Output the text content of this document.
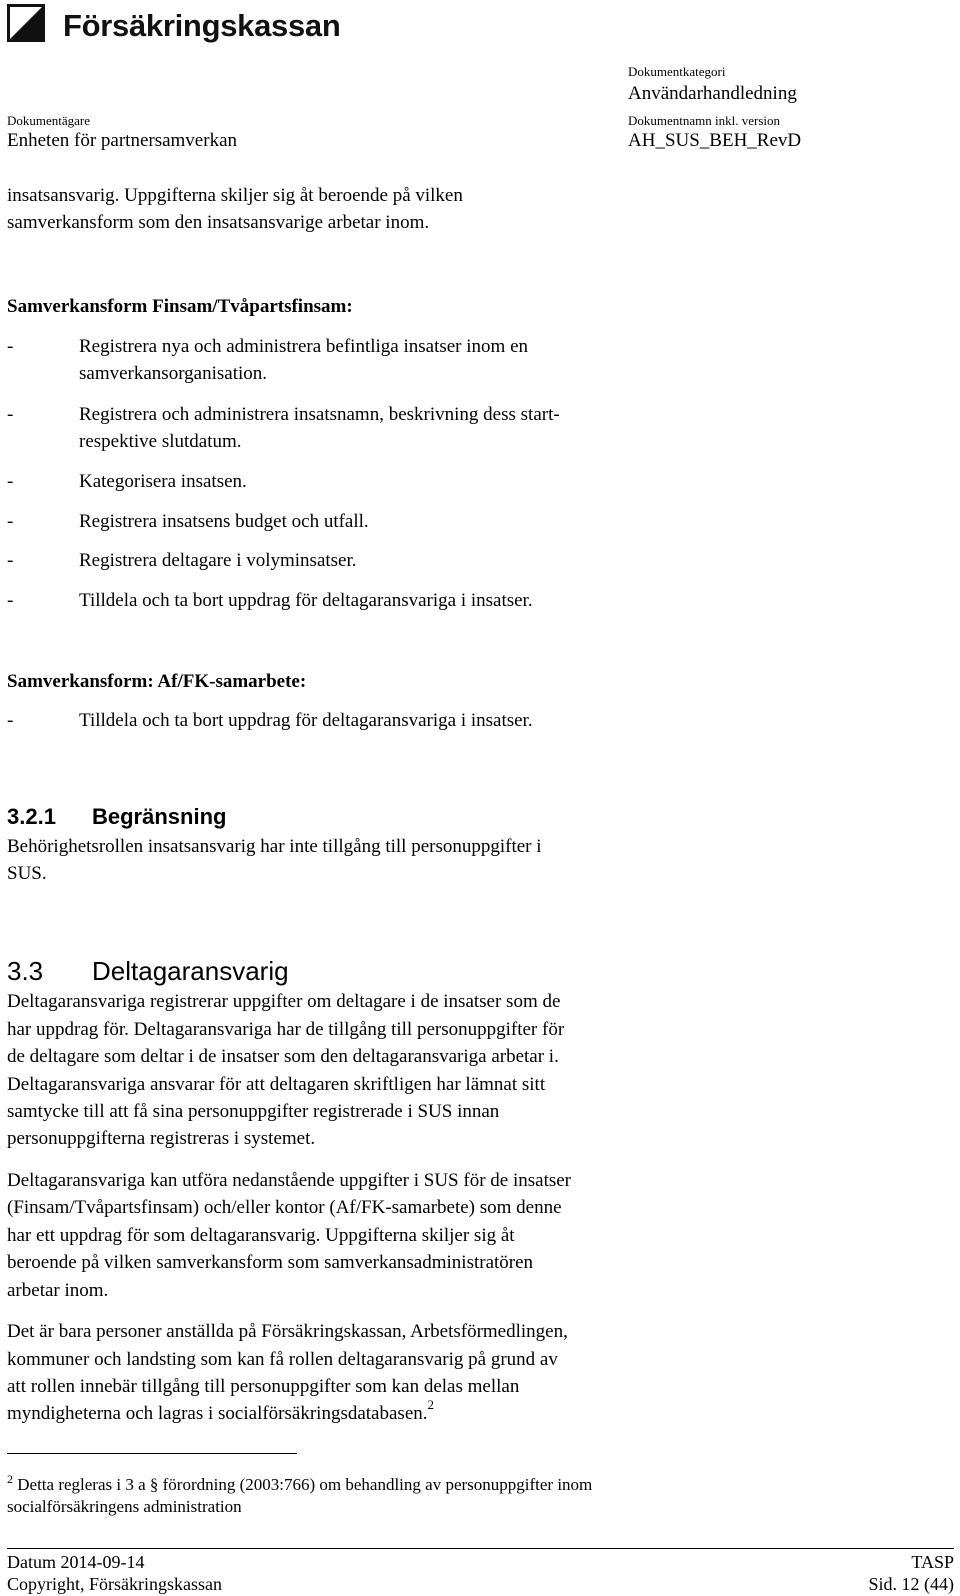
Försäkringskassan
Dokumentägare
Enheten för partnersamverkan
Dokumentkategori
Användarhandledning
Dokumentnamn inkl. version
AH_SUS_BEH_RevD
insatsansvarig. Uppgifterna skiljer sig åt beroende på vilken
samverkansform som den insatsansvarige arbetar inom.
Samverkansform Finsam/Tvåpartsfinsam:
-	Registrera nya och administrera befintliga insatser inom en
samverkansorganisation.
-	Registrera och administrera insatsnamn, beskrivning dess start-
respektive slutdatum.
-	Kategorisera insatsen.
-	Registrera insatsens budget och utfall.
-	Registrera deltagare i volyminsatser.
-	Tilldela och ta bort uppdrag för deltagaransvariga i insatser.
Samverkansform: Af/FK-samarbete:
-	Tilldela och ta bort uppdrag för deltagaransvariga i insatser.
3.2.1 Begränsning
Behörighetsrollen insatsansvarig har inte tillgång till personuppgifter i
SUS.
3.3 Deltagaransvarig
Deltagaransvariga registrerar uppgifter om deltagare i de insatser som de
har uppdrag för. Deltagaransvariga har de tillgång till personuppgifter för
de deltagare som deltar i de insatser som den deltagaransvariga arbetar i.
Deltagaransvariga ansvarar för att deltagaren skriftligen har lämnat sitt
samtycke till att få sina personuppgifter registrerade i SUS innan
personuppgifterna registreras i systemet.
Deltagaransvariga kan utföra nedanstående uppgifter i SUS för de insatser
(Finsam/Tvåpartsfinsam) och/eller kontor (Af/FK-samarbete) som denne
har ett uppdrag för som deltagaransvarig. Uppgifterna skiljer sig åt
beroende på vilken samverkansform som samverkansadministratören
arbetar inom.
Det är bara personer anställda på Försäkringskassan, Arbetsförmedlingen,
kommuner och landsting som kan få rollen deltagaransvarig på grund av
att rollen innebär tillgång till personuppgifter som kan delas mellan
myndigheterna och lagras i socialförsäkringsdatabasen.$^2$
$^2$ Detta regleras i 3 a § förordning (2003:766) om behandling av personuppgifter inom
socialförsäkringens administration
Datum 2014-09-14	TASP
Copyright, Försäkringskassan	Sid. 12 (44)
